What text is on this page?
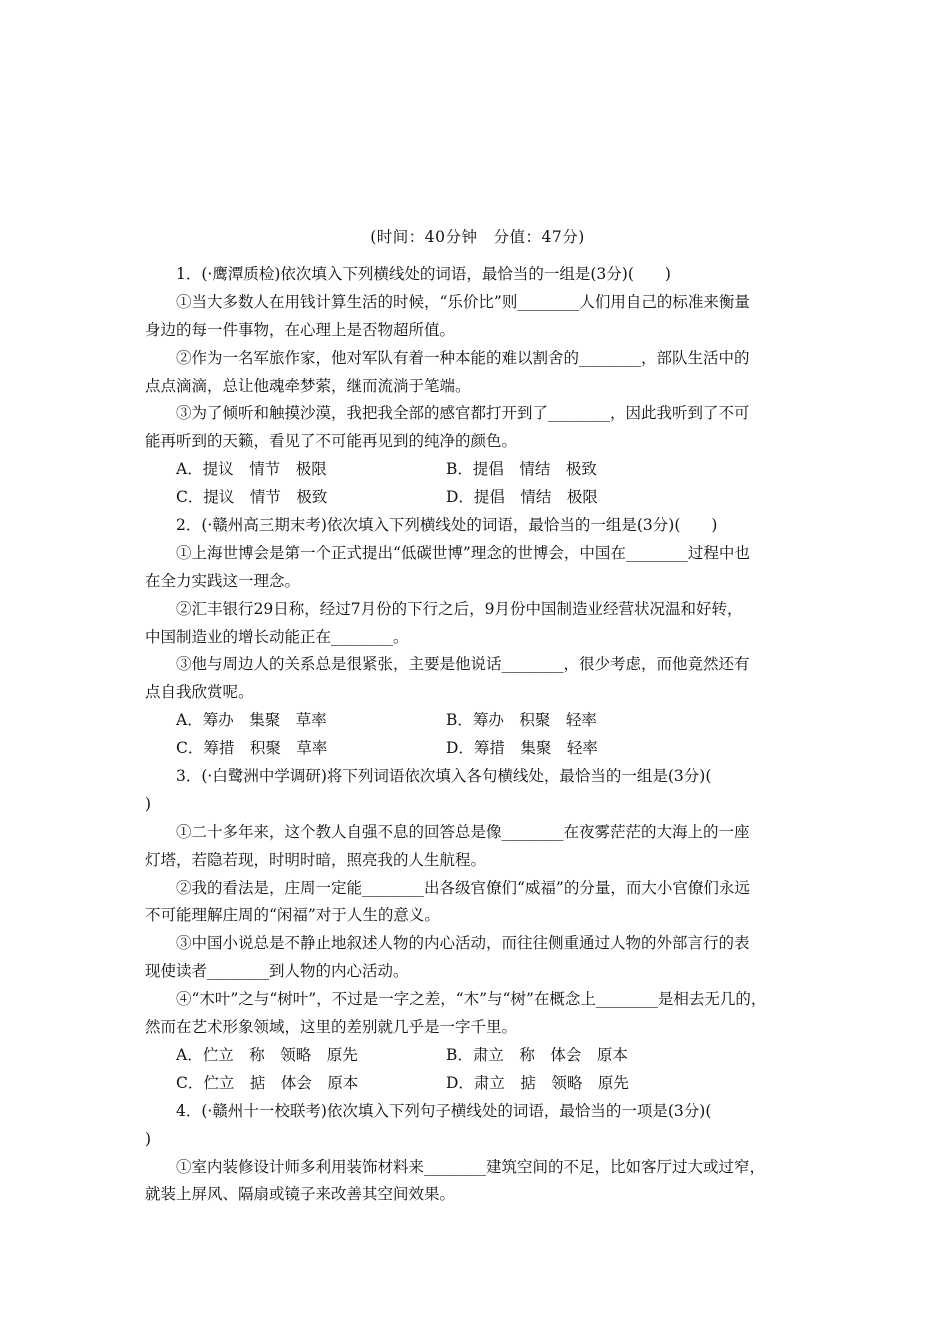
(时间：40分钟　分值：47分)
1．(·鹰潭质检)依次填入下列横线处的词语，最恰当的一组是(3分)(　　)
①当大多数人在用钱计算生活的时候，“乐价比”则________人们用自己的标准来衡量
身边的每一件事物，在心理上是否物超所值。
②作为一名军旅作家，他对军队有着一种本能的难以割舍的________，部队生活中的
点点滴滴，总让他魂牵梦萦，继而流淌于笔端。
③为了倾听和触摸沙漠，我把我全部的感官都打开到了________，因此我听到了不可
能再听到的天籁，看见了不可能再见到的纯净的颜色。
A．提议　情节　极限	B．提倡　情结　极致
C．提议　情节　极致	D．提倡　情结　极限
2．(·赣州高三期末考)依次填入下列横线处的词语，最恰当的一组是(3分)(　　)
①上海世博会是第一个正式提出“低碳世博”理念的世博会，中国在________过程中也
在全力实践这一理念。
②汇丰银行29日称，经过7月份的下行之后，9月份中国制造业经营状况温和好转，
中国制造业的增长动能正在________。
③他与周边人的关系总是很紧张，主要是他说话________，很少考虑，而他竟然还有
点自我欣赏呢。
A．筹办　集聚　草率	B．筹办　积聚　轻率
C．筹措　积聚　草率	D．筹措　集聚　轻率
3．(·白鹭洲中学调研)将下列词语依次填入各句横线处，最恰当的一组是(3分)(
)
①二十多年来，这个教人自强不息的回答总是像________在夜雾茫茫的大海上的一座
灯塔，若隐若现，时明时暗，照亮我的人生航程。
②我的看法是，庄周一定能________出各级官僚们“威福”的分量，而大小官僚们永远
不可能理解庄周的“闲福”对于人生的意义。
③中国小说总是不静止地叙述人物的内心活动，而往往侧重通过人物的外部言行的表
现使读者________到人物的内心活动。
④“木叶”之与“树叶”，不过是一字之差，“木”与“树”在概念上________是相去无几的，
然而在艺术形象领域，这里的差别就几乎是一字千里。
A．伫立　称　领略　原先	B．肃立　称　体会　原本
C．伫立　掂　体会　原本	D．肃立　掂　领略　原先
4．(·赣州十一校联考)依次填入下列句子横线处的词语，最恰当的一项是(3分)(
)
①室内装修设计师多利用装饰材料来________建筑空间的不足，比如客厅过大或过窄，
就装上屏风、隔扇或镜子来改善其空间效果。
